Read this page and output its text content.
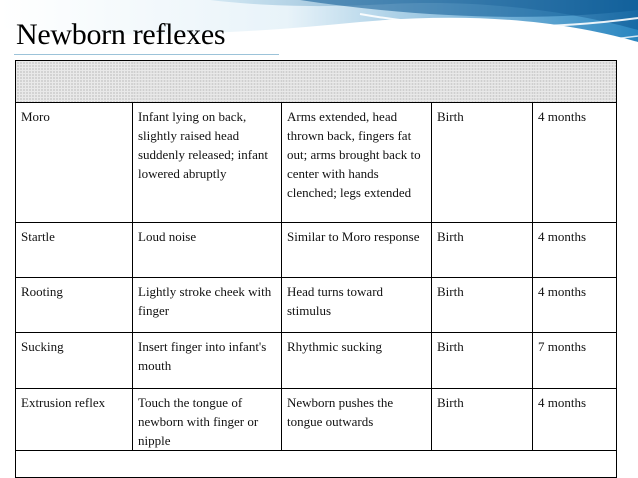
Newborn reflexes

Moro	Infant lying on back, slightly raised head suddenly released; infant lowered abruptly	Arms extended, head thrown back, fingers fat out; arms brought back to center with hands clenched; legs extended	Birth	4 months
Startle	Loud noise	Similar to Moro response	Birth	4 months
Rooting	Lightly stroke cheek with finger	Head turns toward stimulus	Birth	4 months
Sucking	Insert finger into infant's mouth	Rhythmic sucking	Birth	7 months
Extrusion reflex	Touch the tongue of newborn with finger or nipple	Newborn pushes the tongue outwards	Birth	4 months
